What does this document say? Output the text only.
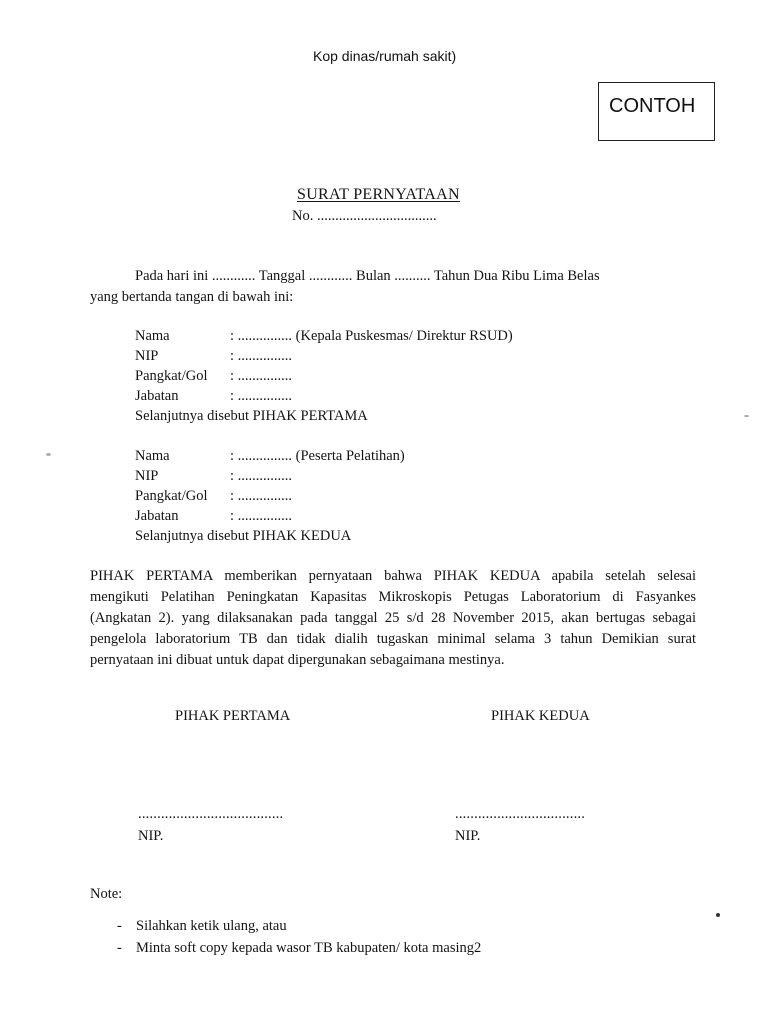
Kop dinas/rumah sakit)
CONTOH
SURAT PERNYATAAN
No. .................................
Pada hari ini ............ Tanggal ............ Bulan .......... Tahun Dua Ribu Lima Belas
yang bertanda tangan di bawah ini:
Nama	: ............... (Kepala Puskesmas/ Direktur RSUD)
NIP	: ...............
Pangkat/Gol : ...............
Jabatan	: ...............
Selanjutnya disebut PIHAK PERTAMA
Nama	: ............... (Peserta Pelatihan)
NIP	: ...............
Pangkat/Gol : ...............
Jabatan	: ...............
Selanjutnya disebut PIHAK KEDUA
PIHAK PERTAMA memberikan pernyataan bahwa PIHAK KEDUA apabila setelah selesai
mengikuti Pelatihan Peningkatan Kapasitas Mikroskopis Petugas Laboratorium di Fasyankes
(Angkatan 2). yang dilaksanakan pada tanggal 25 s/d 28 November 2015, akan bertugas sebagai
pengelola laboratorium TB dan tidak dialih tugaskan minimal selama 3 tahun Demikian surat
pernyataan ini dibuat untuk dapat dipergunakan sebagaimana mestinya.
PIHAK PERTAMA	PIHAK KEDUA
......................................	..................................
NIP.	NIP.
Note:
- Silahkan ketik ulang, atau
- Minta soft copy kepada wasor TB kabupaten/ kota masing2
